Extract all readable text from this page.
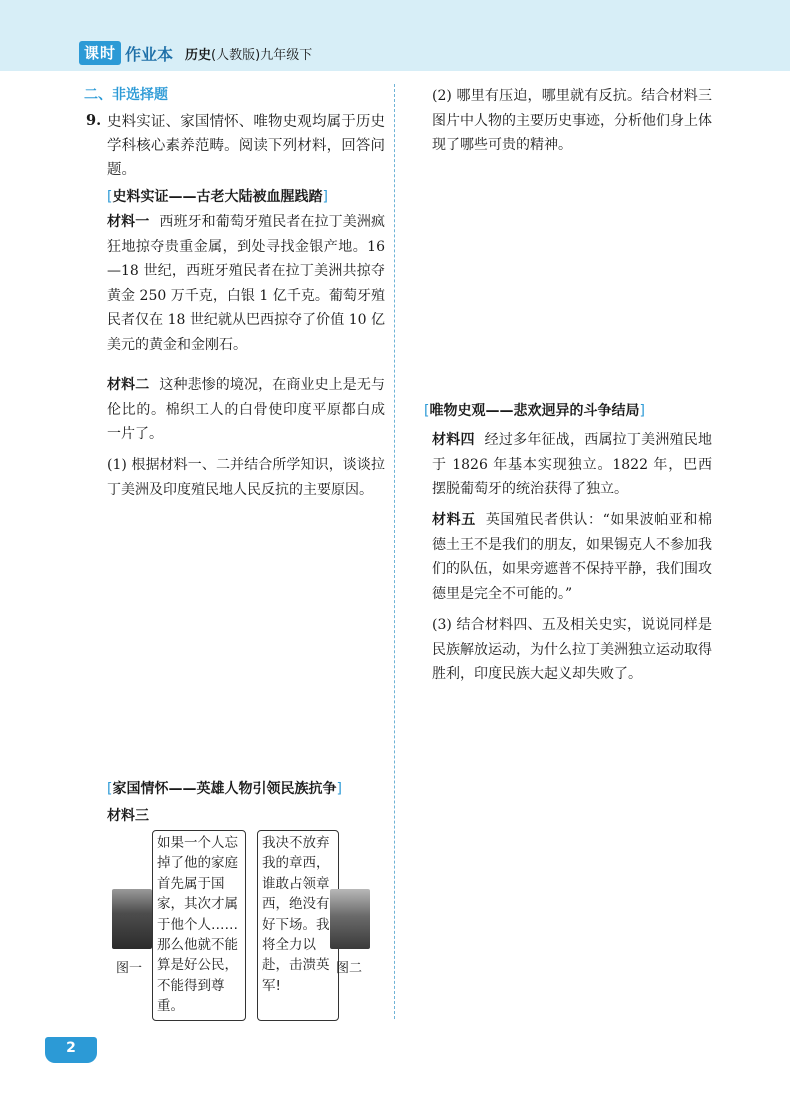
课时 作业本 历史(人教版)九年级下
二、非选择题
9. 史料实证、家国情怀、唯物史观均属于历史学科核心素养范畴。阅读下列材料，回答问题。
[史料实证——古老大陆被血腥践踏]
材料一 西班牙和葡萄牙殖民者在拉丁美洲疯狂地掠夺贵重金属，到处寻找金银产地。16—18 世纪，西班牙殖民者在拉丁美洲共掠夺黄金 250 万千克，白银 1 亿千克。葡萄牙殖民者仅在 18 世纪就从巴西掠夺了价值 10 亿美元的黄金和金刚石。
材料二 这种悲惨的境况，在商业史上是无与伦比的。棉织工人的白骨使印度平原都白成一片了。
(1) 根据材料一、二并结合所学知识，谈谈拉丁美洲及印度殖民地人民反抗的主要原因。
[家国情怀——英雄人物引领民族抗争]
材料三
如果一个人忘掉了他的家庭首先属于国家，其次才属于他个人……那么他就不能算是好公民，不能得到尊重。
我决不放弃我的章西，谁敢占领章西，绝没有好下场。我将全力以赴，击溃英军!
图一	图二
(2) 哪里有压迫，哪里就有反抗。结合材料三图片中人物的主要历史事迹，分析他们身上体现了哪些可贵的精神。
[唯物史观——悲欢迥异的斗争结局]
材料四 经过多年征战，西属拉丁美洲殖民地于 1826 年基本实现独立。1822 年，巴西摆脱葡萄牙的统治获得了独立。
材料五 英国殖民者供认：“如果波帕亚和棉德土王不是我们的朋友，如果锡克人不参加我们的队伍，如果旁遮普不保持平静，我们围攻德里是完全不可能的。”
(3) 结合材料四、五及相关史实，说说同样是民族解放运动，为什么拉丁美洲独立运动取得胜利，印度民族大起义却失败了。
2
